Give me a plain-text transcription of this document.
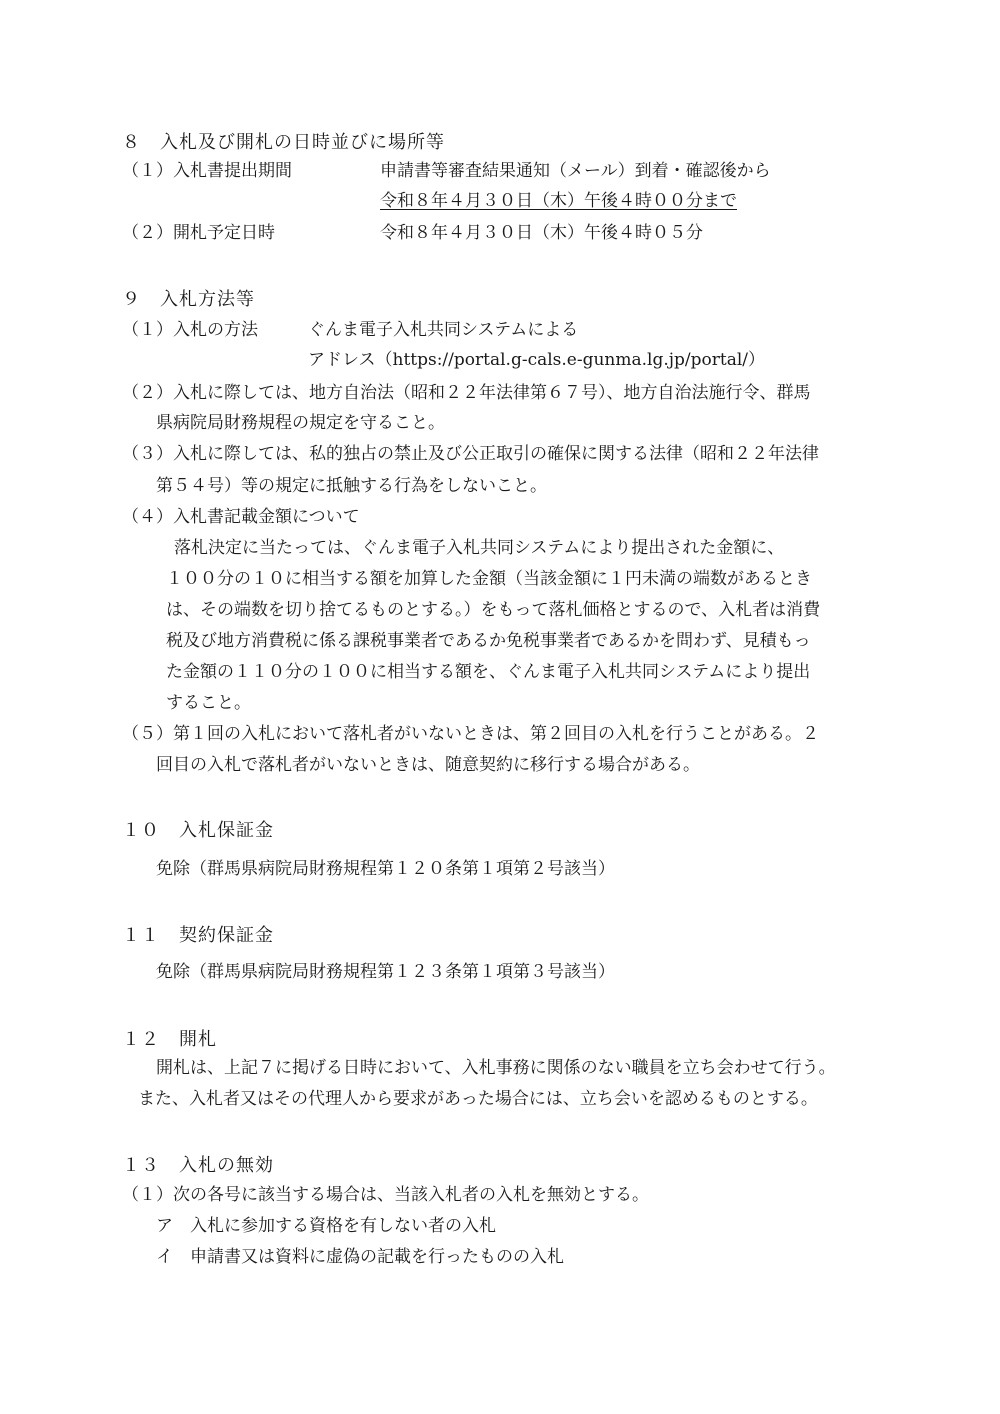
８　入札及び開札の日時並びに場所等
（１）入札書提出期間	申請書等審査結果通知（メール）到着・確認後から
令和８年４月３０日（木）午後４時００分まで
（２）開札予定日時	令和８年４月３０日（木）午後４時０５分
９　入札方法等
（１）入札の方法	ぐんま電子入札共同システムによる
アドレス（https://portal.g-cals.e-gunma.lg.jp/portal/）
（２）入札に際しては、地方自治法（昭和２２年法律第６７号）、地方自治法施行令、群馬
県病院局財務規程の規定を守ること。
（３）入札に際しては、私的独占の禁止及び公正取引の確保に関する法律（昭和２２年法律
第５４号）等の規定に抵触する行為をしないこと。
（４）入札書記載金額について
落札決定に当たっては、ぐんま電子入札共同システムにより提出された金額に、
１００分の１０に相当する額を加算した金額（当該金額に１円未満の端数があるとき
は、その端数を切り捨てるものとする。）をもって落札価格とするので、入札者は消費
税及び地方消費税に係る課税事業者であるか免税事業者であるかを問わず、見積もっ
た金額の１１０分の１００に相当する額を、ぐんま電子入札共同システムにより提出
すること。
（５）第１回の入札において落札者がいないときは、第２回目の入札を行うことがある。２
回目の入札で落札者がいないときは、随意契約に移行する場合がある。
１０　入札保証金
免除（群馬県病院局財務規程第１２０条第１項第２号該当）
１１　契約保証金
免除（群馬県病院局財務規程第１２３条第１項第３号該当）
１２　開札
開札は、上記７に掲げる日時において、入札事務に関係のない職員を立ち会わせて行う。
また、入札者又はその代理人から要求があった場合には、立ち会いを認めるものとする。
１３　入札の無効
（１）次の各号に該当する場合は、当該入札者の入札を無効とする。
ア　入札に参加する資格を有しない者の入札
イ　申請書又は資料に虚偽の記載を行ったものの入札
